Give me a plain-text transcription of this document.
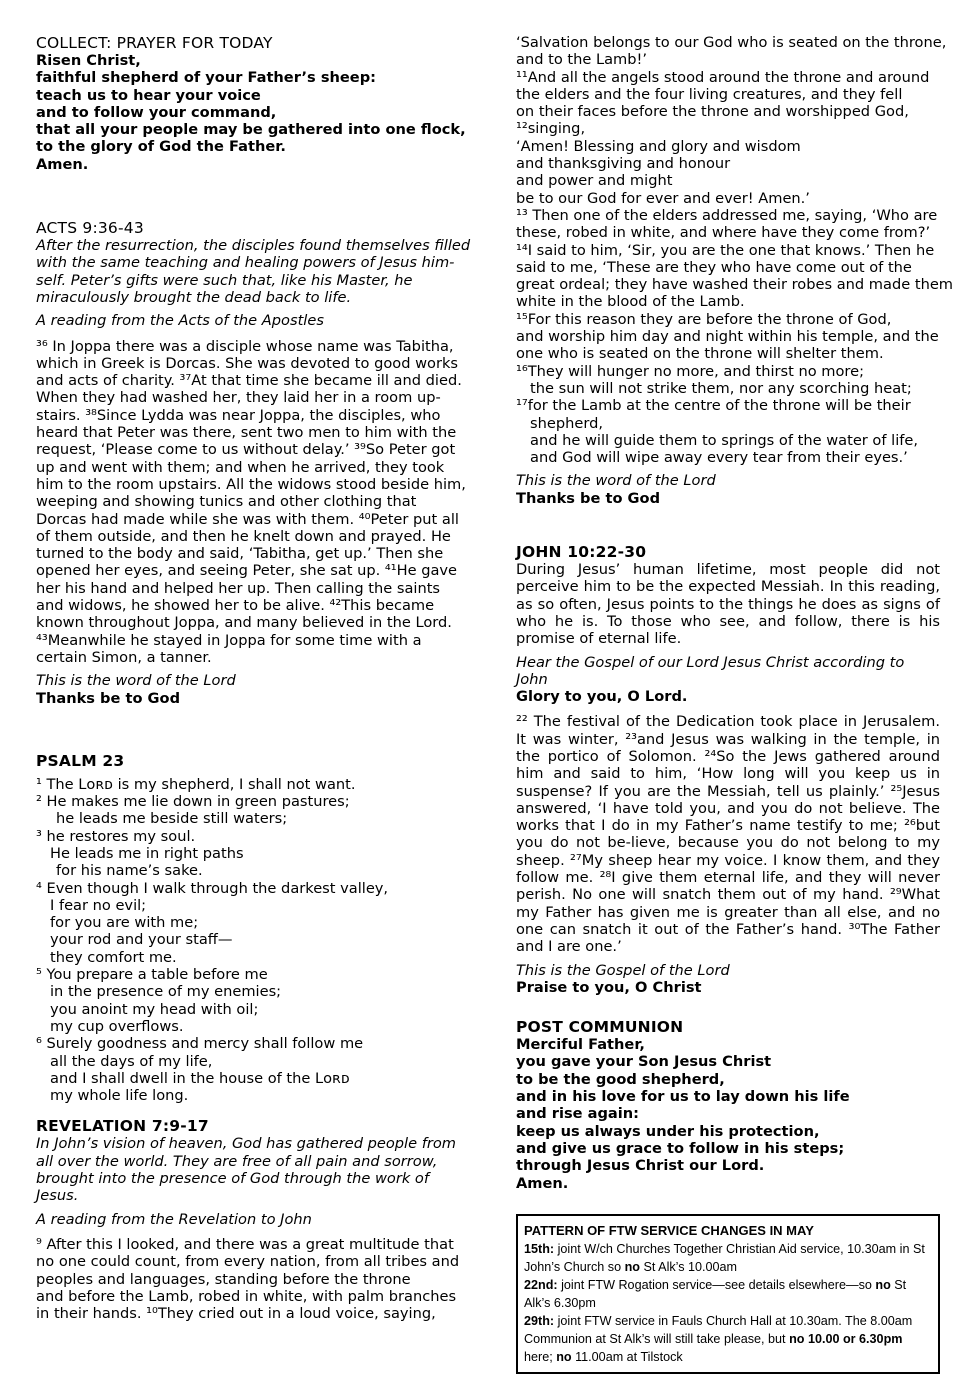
COLLECT: PRAYER FOR TODAY
Risen Christ,
faithful shepherd of your Father’s sheep:
teach us to hear your voice
and to follow your command,
that all your people may be gathered into one flock,
to the glory of God the Father.
Amen.
ACTS 9:36-43
After the resurrection, the disciples found themselves filled
with the same teaching and healing powers of Jesus him-
self. Peter’s gifts were such that, like his Master, he
miraculously brought the dead back to life.

A reading from the Acts of the Apostles

³⁶ In Joppa there was a disciple whose name was Tabitha,
which in Greek is Dorcas. She was devoted to good works
and acts of charity. ³⁷At that time she became ill and died.
When they had washed her, they laid her in a room up-
stairs. ³⁸Since Lydda was near Joppa, the disciples, who
heard that Peter was there, sent two men to him with the
request, ‘Please come to us without delay.’ ³⁹So Peter got
up and went with them; and when he arrived, they took
him to the room upstairs. All the widows stood beside him,
weeping and showing tunics and other clothing that
Dorcas had made while she was with them. ⁴⁰Peter put all
of them outside, and then he knelt down and prayed. He
turned to the body and said, ‘Tabitha, get up.’ Then she
opened her eyes, and seeing Peter, she sat up. ⁴¹He gave
her his hand and helped her up. Then calling the saints
and widows, he showed her to be alive. ⁴²This became
known throughout Joppa, and many believed in the Lord.
⁴³Meanwhile he stayed in Joppa for some time with a
certain Simon, a tanner.

This is the word of the Lord

Thanks be to God

PSALM 23
¹ The Lᴏʀᴅ is my shepherd, I shall not want.
² He makes me lie down in green pastures;
he leads me beside still waters;
³ he restores my soul.
He leads me in right paths
for his name’s sake.
⁴ Even though I walk through the darkest valley,
I fear no evil;
for you are with me;
your rod and your staff—
they comfort me.
⁵ You prepare a table before me
in the presence of my enemies;
you anoint my head with oil;
my cup overflows.
⁶ Surely goodness and mercy shall follow me
all the days of my life,
and I shall dwell in the house of the Lᴏʀᴅ
my whole life long.
REVELATION 7:9-17
In John’s vision of heaven, God has gathered people from
all over the world. They are free of all pain and sorrow,
brought into the presence of God through the work of
Jesus.

A reading from the Revelation to John

⁹ After this I looked, and there was a great multitude that
no one could count, from every nation, from all tribes and
peoples and languages, standing before the throne
and before the Lamb, robed in white, with palm branches
in their hands. ¹⁰They cried out in a loud voice, saying,
‘Salvation belongs to our God who is seated on the throne,
and to the Lamb!’
¹¹And all the angels stood around the throne and around
the elders and the four living creatures, and they fell
on their faces before the throne and worshipped God,
¹²singing,
‘Amen! Blessing and glory and wisdom
and thanksgiving and honour
and power and might
be to our God for ever and ever! Amen.’
¹³ Then one of the elders addressed me, saying, ‘Who are
these, robed in white, and where have they come from?’
¹⁴I said to him, ‘Sir, you are the one that knows.’ Then he
said to me, ‘These are they who have come out of the
great ordeal; they have washed their robes and made them
white in the blood of the Lamb.
¹⁵For this reason they are before the throne of God,
and worship him day and night within his temple, and the
one who is seated on the throne will shelter them.
¹⁶They will hunger no more, and thirst no more;
the sun will not strike them, nor any scorching heat;
¹⁷for the Lamb at the centre of the throne will be their
shepherd,
and he will guide them to springs of the water of life,
and God will wipe away every tear from their eyes.’

This is the word of the Lord

Thanks be to God

JOHN 10:22-30

During Jesus’ human lifetime, most people did not perceive him to be the expected Messiah. In this reading, as so often, Jesus points to the things he does as signs of who he is. To those who see, and follow, there is his promise of eternal life.

Hear the Gospel of our Lord Jesus Christ according to John

Glory to you, O Lord.

²² The festival of the Dedication took place in Jerusalem. It was winter, ²³and Jesus was walking in the temple, in the portico of Solomon. ²⁴So the Jews gathered around him and said to him, ‘How long will you keep us in suspense? If you are the Messiah, tell us plainly.’ ²⁵Jesus answered, ‘I have told you, and you do not believe. The works that I do in my Father’s name testify to me; ²⁶but you do not be-lieve, because you do not belong to my sheep. ²⁷My sheep hear my voice. I know them, and they follow me. ²⁸I give them eternal life, and they will never perish. No one will snatch them out of my hand. ²⁹What my Father has given me is greater than all else, and no one can snatch it out of the Father’s hand. ³⁰The Father and I are one.’

This is the Gospel of the Lord

Praise to you, O Christ

POST COMMUNION
Merciful Father,
you gave your Son Jesus Christ
to be the good shepherd,
and in his love for us to lay down his life
and rise again:
keep us always under his protection,
and give us grace to follow in his steps;
through Jesus Christ our Lord.
Amen.
PATTERN OF FTW SERVICE CHANGES IN MAY
15th: joint W/ch Churches Together Christian Aid service, 10.30am in St John’s Church so no St Alk’s 10.00am
22nd: joint FTW Rogation service—see details elsewhere—so no St Alk’s 6.30pm
29th: joint FTW service in Fauls Church Hall at 10.30am. The 8.00am Communion at St Alk’s will still take please, but no 10.00 or 6.30pm here; no 11.00am at Tilstock
